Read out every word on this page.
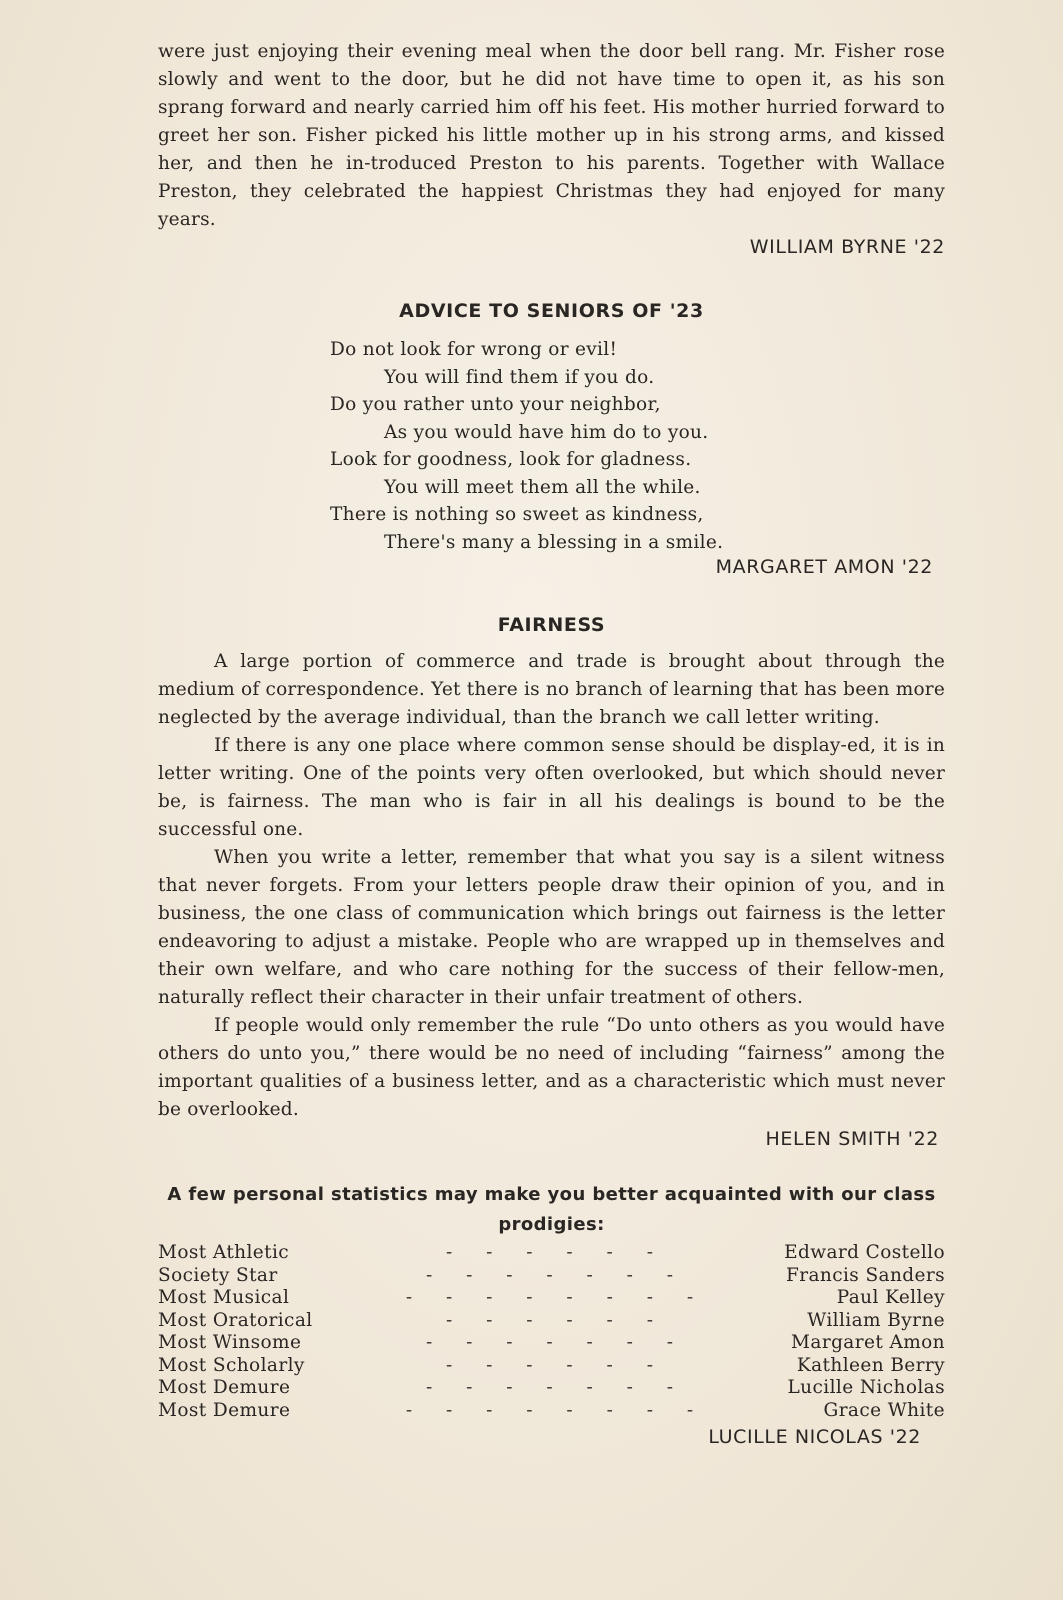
were just enjoying their evening meal when the door bell rang. Mr. Fisher rose slowly and went to the door, but he did not have time to open it, as his son sprang forward and nearly carried him off his feet. His mother hurried forward to greet her son. Fisher picked his little mother up in his strong arms, and kissed her, and then he in-troduced Preston to his parents. Together with Wallace Preston, they celebrated the happiest Christmas they had enjoyed for many years.

WILLIAM BYRNE '22

ADVICE TO SENIORS OF '23
Do not look for wrong or evil!
You will find them if you do.
Do you rather unto your neighbor,
As you would have him do to you.
Look for goodness, look for gladness.
You will meet them all the while.
There is nothing so sweet as kindness,
There's many a blessing in a smile.

MARGARET AMON '22

FAIRNESS

A large portion of commerce and trade is brought about through the medium of correspondence. Yet there is no branch of learning that has been more neglected by the average individual, than the branch we call letter writing.

If there is any one place where common sense should be display-ed, it is in letter writing. One of the points very often overlooked, but which should never be, is fairness. The man who is fair in all his dealings is bound to be the successful one.

When you write a letter, remember that what you say is a silent witness that never forgets. From your letters people draw their opinion of you, and in business, the one class of communication which brings out fairness is the letter endeavoring to adjust a mistake. People who are wrapped up in themselves and their own welfare, and who care nothing for the success of their fellow-men, naturally reflect their character in their unfair treatment of others.

If people would only remember the rule “Do unto others as you would have others do unto you,” there would be no need of including “fairness” among the important qualities of a business letter, and as a characteristic which must never be overlooked.

HELEN SMITH '22

A few personal statistics may make you better acquainted with our class prodigies:

Most Athletic	- - - - - -	Edward Costello
Society Star	- - - - - - -	Francis Sanders
Most Musical	- - - - - - - -	Paul Kelley
Most Oratorical	- - - - - -	William Byrne
Most Winsome	- - - - - - -	Margaret Amon
Most Scholarly	- - - - - -	Kathleen Berry
Most Demure	- - - - - - -	Lucille Nicholas
Most Demure	- - - - - - - -	Grace White

LUCILLE NICOLAS '22
